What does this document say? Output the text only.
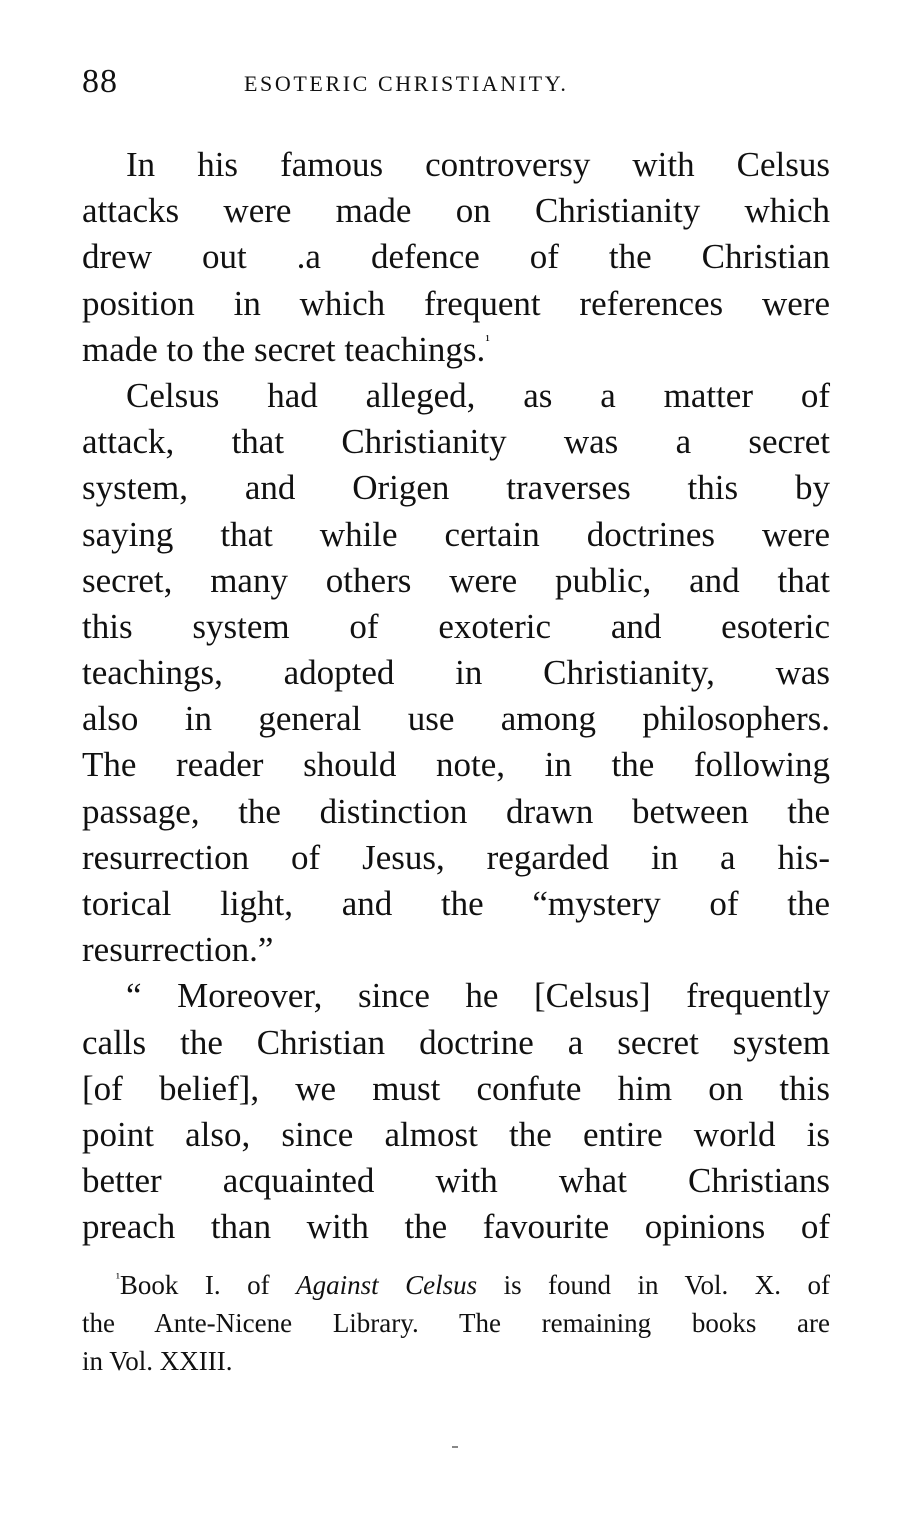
88	ESOTERIC CHRISTIANITY.
In his famous controversy with Celsus
attacks were made on Christianity which
drew out .a defence of the Christian
position in which frequent references were
made to the secret teachings.$^{^1}$
Celsus had alleged, as a matter of
attack, that Christianity was a secret
system, and Origen traverses this by
saying that while certain doctrines were
secret, many others were public, and that
this system of exoteric and esoteric
teachings, adopted in Christianity, was
also in general use among philosophers.
The reader should note, in the following
passage, the distinction drawn between the
resurrection of Jesus, regarded in a his-
torical light, and the “mystery of the
resurrection.”
“ Moreover, since he [Celsus] frequently
calls the Christian doctrine a secret system
[of belief], we must confute him on this
point also, since almost the entire world is
better acquainted with what Christians
preach than with the favourite opinions of
$^{^1}$Book I. of Against Celsus is found in Vol. X. of
the Ante-Nicene Library. The remaining books are
in Vol. XXIII.
